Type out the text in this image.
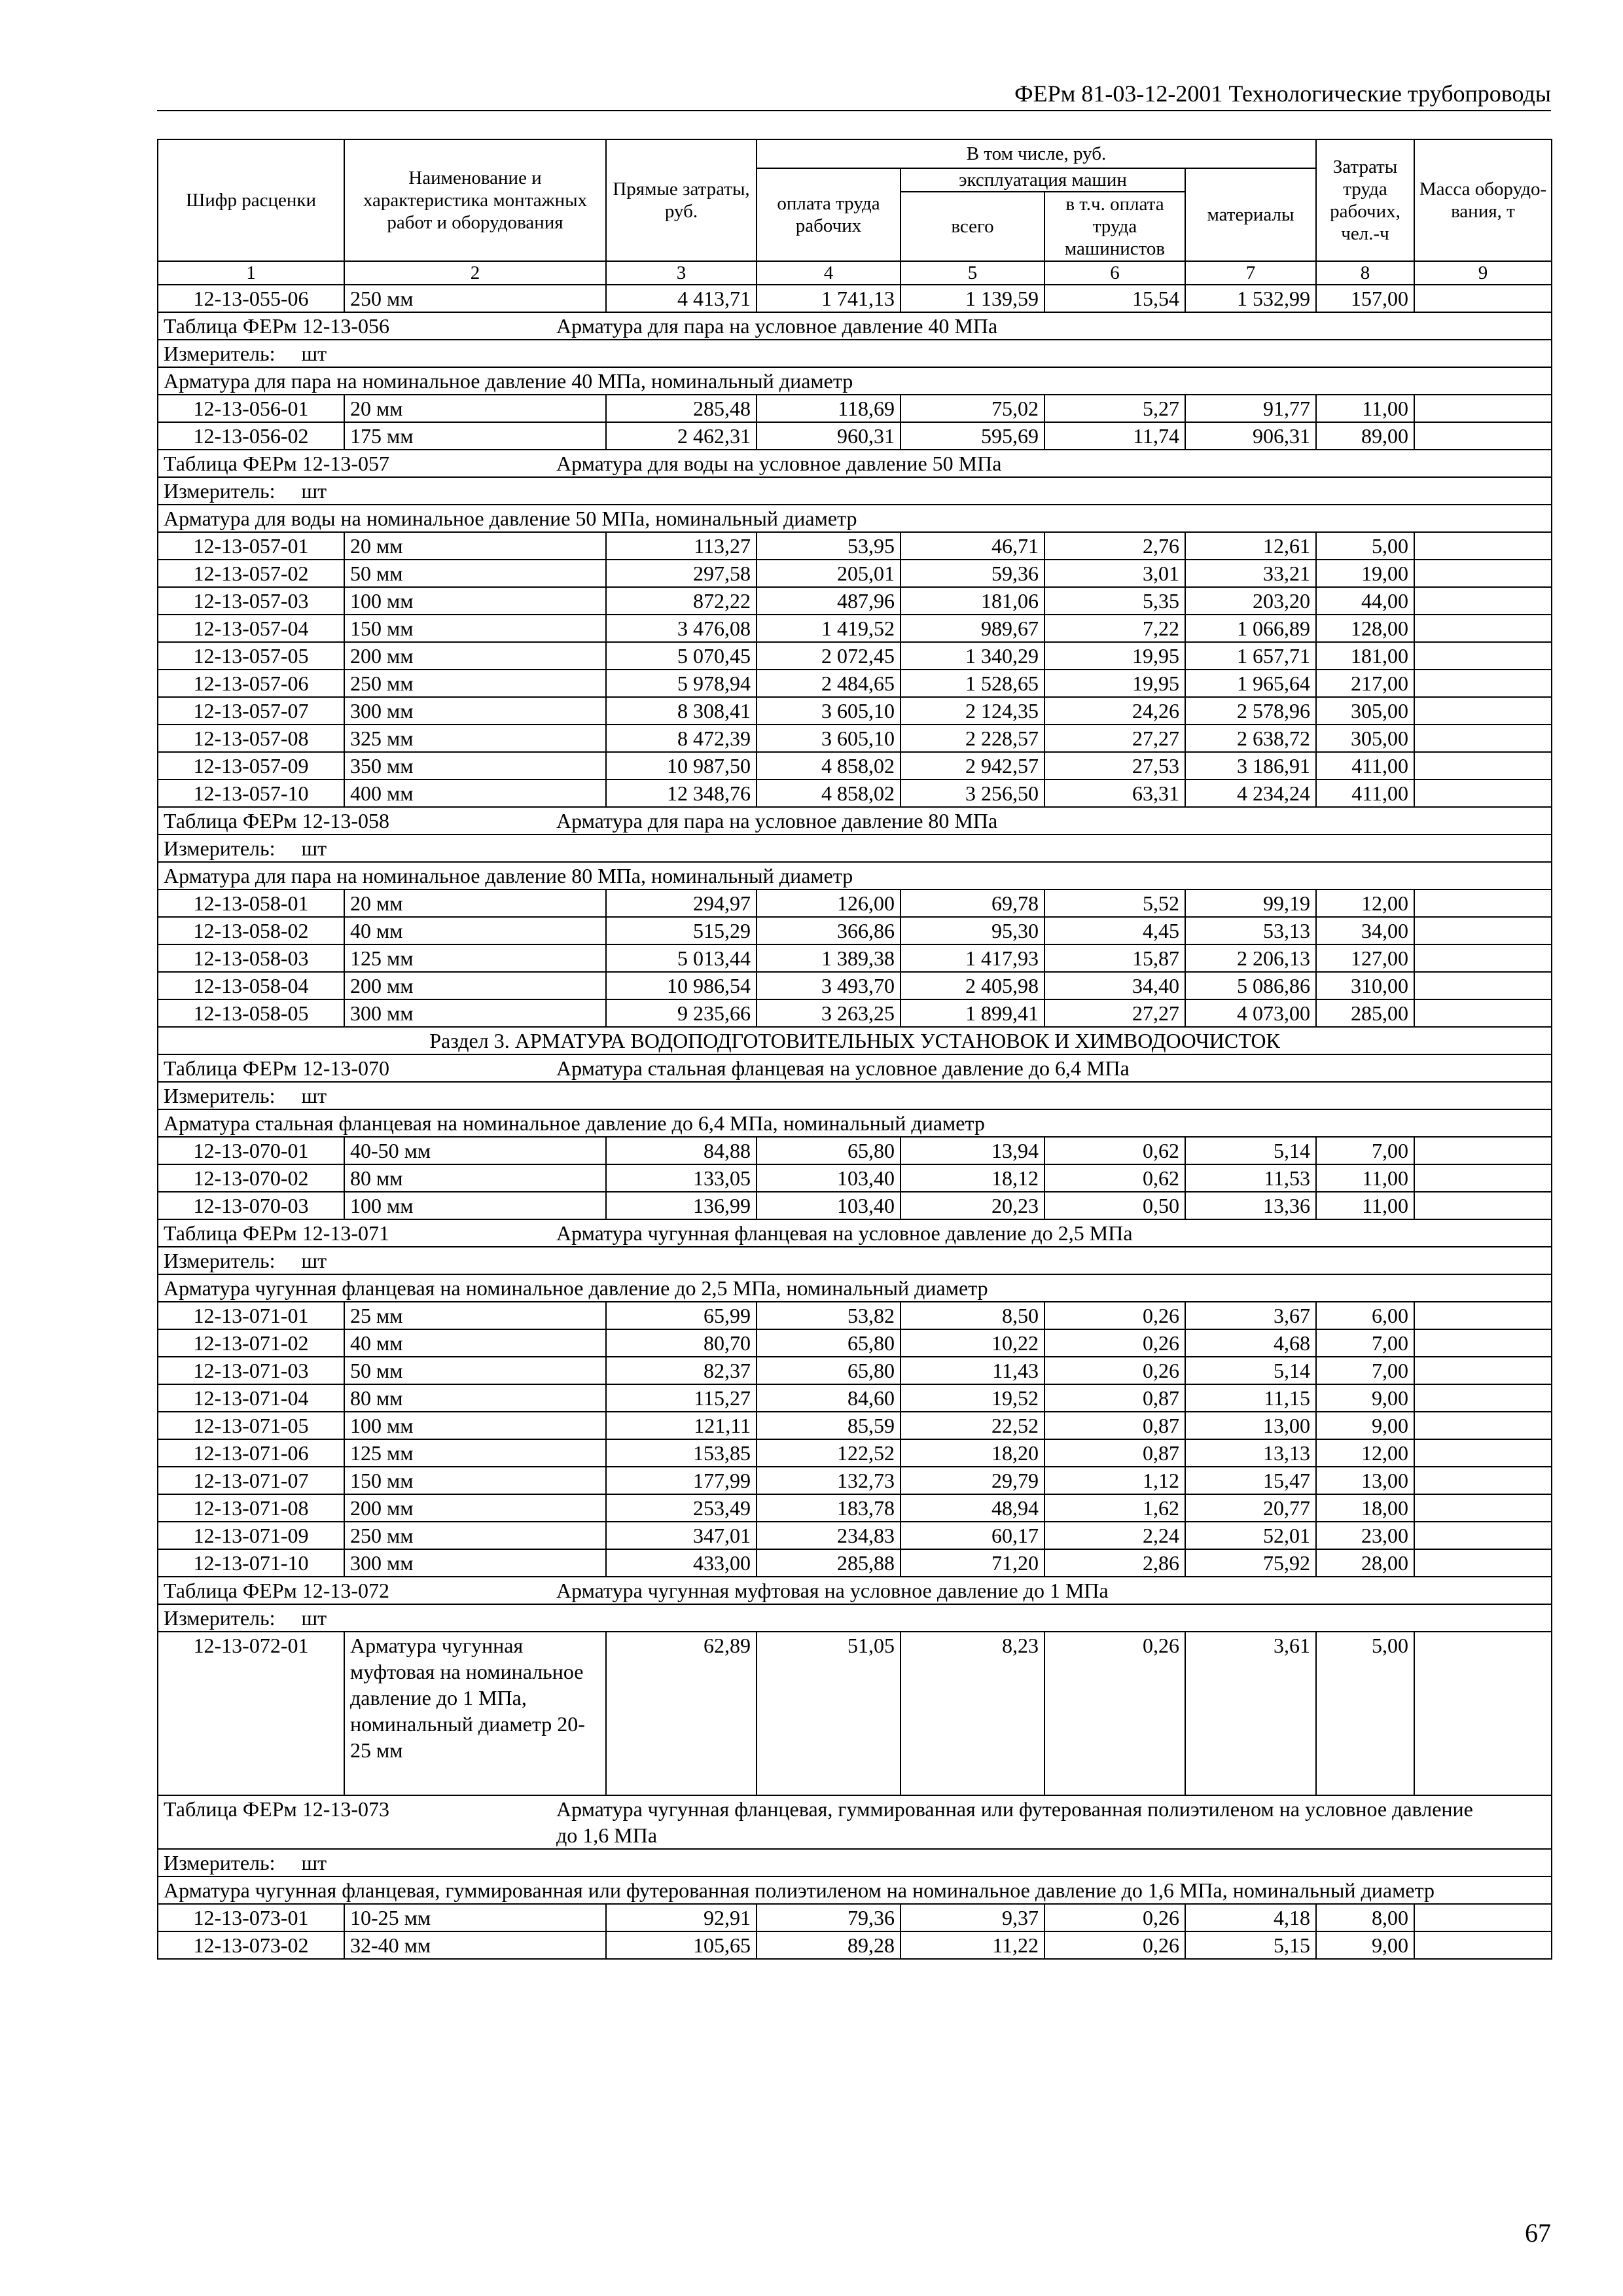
ФЕРм 81-03-12-2001 Технологические трубопроводы
Шифр расценки	Наименование и характеристика монтажных работ и оборудования	Прямые затраты, руб.	В том числе, руб.				Затраты труда рабочих, чел.-ч	Масса оборудо-вания, т
			оплата труда рабочих	эксплуатация машин		материалы		
				всего	в т.ч. оплата труда машинистов			
1	2	3	4	5	6	7	8	9
12-13-055-06	250 мм	4 413,71	1 741,13	1 139,59	15,54	1 532,99	157,00	
Таблица ФЕРм 12-13-056 Арматура для пара на условное давление 40 МПа								
Измеритель: шт								
Арматура для пара на номинальное давление 40 МПа, номинальный диаметр								
12-13-056-01	20 мм	285,48	118,69	75,02	5,27	91,77	11,00	
12-13-056-02	175 мм	2 462,31	960,31	595,69	11,74	906,31	89,00	
Таблица ФЕРм 12-13-057 Арматура для воды на условное давление 50 МПа								
Измеритель: шт								
Арматура для воды на номинальное давление 50 МПа, номинальный диаметр								
12-13-057-01	20 мм	113,27	53,95	46,71	2,76	12,61	5,00	
12-13-057-02	50 мм	297,58	205,01	59,36	3,01	33,21	19,00	
12-13-057-03	100 мм	872,22	487,96	181,06	5,35	203,20	44,00	
12-13-057-04	150 мм	3 476,08	1 419,52	989,67	7,22	1 066,89	128,00	
12-13-057-05	200 мм	5 070,45	2 072,45	1 340,29	19,95	1 657,71	181,00	
12-13-057-06	250 мм	5 978,94	2 484,65	1 528,65	19,95	1 965,64	217,00	
12-13-057-07	300 мм	8 308,41	3 605,10	2 124,35	24,26	2 578,96	305,00	
12-13-057-08	325 мм	8 472,39	3 605,10	2 228,57	27,27	2 638,72	305,00	
12-13-057-09	350 мм	10 987,50	4 858,02	2 942,57	27,53	3 186,91	411,00	
12-13-057-10	400 мм	12 348,76	4 858,02	3 256,50	63,31	4 234,24	411,00	
Таблица ФЕРм 12-13-058 Арматура для пара на условное давление 80 МПа								
Измеритель: шт								
Арматура для пара на номинальное давление 80 МПа, номинальный диаметр								
12-13-058-01	20 мм	294,97	126,00	69,78	5,52	99,19	12,00	
12-13-058-02	40 мм	515,29	366,86	95,30	4,45	53,13	34,00	
12-13-058-03	125 мм	5 013,44	1 389,38	1 417,93	15,87	2 206,13	127,00	
12-13-058-04	200 мм	10 986,54	3 493,70	2 405,98	34,40	5 086,86	310,00	
12-13-058-05	300 мм	9 235,66	3 263,25	1 899,41	27,27	4 073,00	285,00	
Раздел 3. АРМАТУРА ВОДОПОДГОТОВИТЕЛЬНЫХ УСТАНОВОК И ХИМВОДООЧИСТОК								
Таблица ФЕРм 12-13-070 Арматура стальная фланцевая на условное давление до 6,4 МПа								
Измеритель: шт								
Арматура стальная фланцевая на номинальное давление до 6,4 МПа, номинальный диаметр								
12-13-070-01	40-50 мм	84,88	65,80	13,94	0,62	5,14	7,00	
12-13-070-02	80 мм	133,05	103,40	18,12	0,62	11,53	11,00	
12-13-070-03	100 мм	136,99	103,40	20,23	0,50	13,36	11,00	
Таблица ФЕРм 12-13-071 Арматура чугунная фланцевая на условное давление до 2,5 МПа								
Измеритель: шт								
Арматура чугунная фланцевая на номинальное давление до 2,5 МПа, номинальный диаметр								
12-13-071-01	25 мм	65,99	53,82	8,50	0,26	3,67	6,00	
12-13-071-02	40 мм	80,70	65,80	10,22	0,26	4,68	7,00	
12-13-071-03	50 мм	82,37	65,80	11,43	0,26	5,14	7,00	
12-13-071-04	80 мм	115,27	84,60	19,52	0,87	11,15	9,00	
12-13-071-05	100 мм	121,11	85,59	22,52	0,87	13,00	9,00	
12-13-071-06	125 мм	153,85	122,52	18,20	0,87	13,13	12,00	
12-13-071-07	150 мм	177,99	132,73	29,79	1,12	15,47	13,00	
12-13-071-08	200 мм	253,49	183,78	48,94	1,62	20,77	18,00	
12-13-071-09	250 мм	347,01	234,83	60,17	2,24	52,01	23,00	
12-13-071-10	300 мм	433,00	285,88	71,20	2,86	75,92	28,00	
Таблица ФЕРм 12-13-072 Арматура чугунная муфтовая на условное давление до 1 МПа								
Измеритель: шт								
12-13-072-01	Арматура чугунная муфтовая на номинальное давление до 1 МПа, номинальный диаметр 20-25 мм	62,89	51,05	8,23	0,26	3,61	5,00	
Таблица ФЕРм 12-13-073 Арматура чугунная фланцевая, гуммированная или футерованная полиэтиленом на условное давление до 1,6 МПа								
Измеритель: шт								
Арматура чугунная фланцевая, гуммированная или футерованная полиэтиленом на номинальное давление до 1,6 МПа, номинальный диаметр								
12-13-073-01	10-25 мм	92,91	79,36	9,37	0,26	4,18	8,00	
12-13-073-02	32-40 мм	105,65	89,28	11,22	0,26	5,15	9,00	
67
